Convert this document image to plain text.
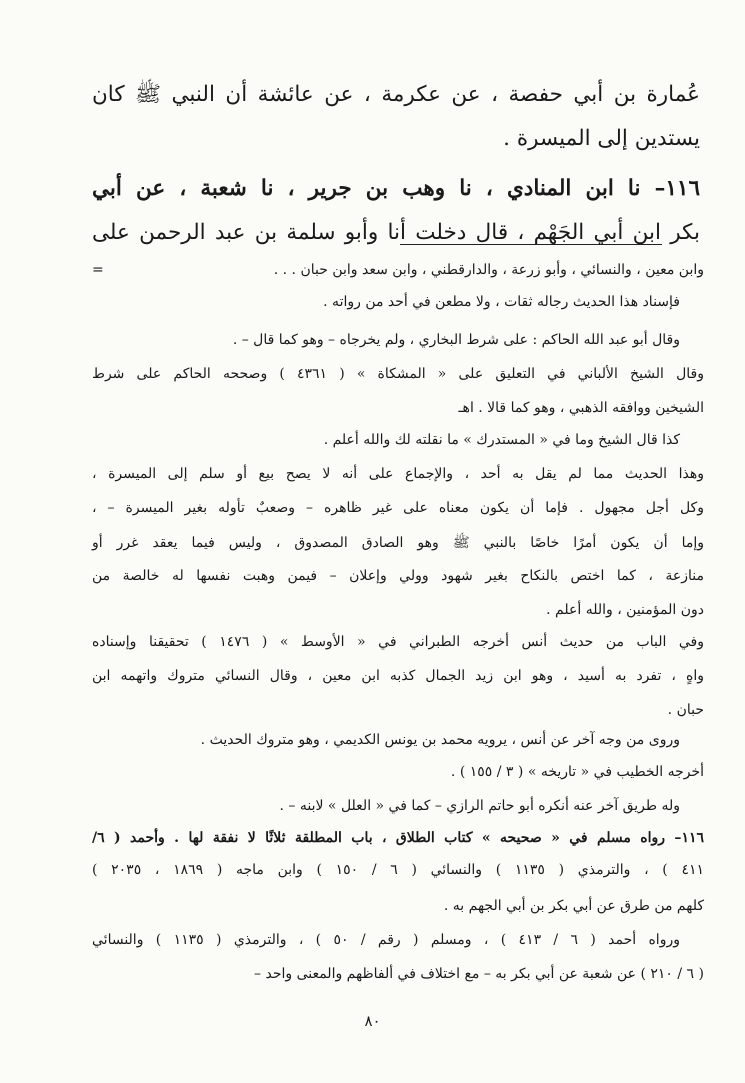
عُمارة بن أبي حفصة ، عن عكرمة ، عن عائشة أن النبي ﷺ كان
يستدين إلى الميسرة .
١١٦– نا ابن المنادي ، نا وهب بن جرير ، نا شعبة ، عن أبي
بكر ابن أبي الجَهْم ، قال دخلت أنا وأبو سلمة بن عبد الرحمن على
=	وابن معين ، والنسائي ، وأبو زرعة ، والدارقطني ، وابن سعد وابن حبان . . .
فإسناد هذا الحديث رجاله ثقات ، ولا مطعن في أحد من رواته .
وقال أبو عبد الله الحاكم : على شرط البخاري ، ولم يخرجاه – وهو كما قال – .
وقال الشيخ الألباني في التعليق على « المشكاة » ( ٤٣٦١ ) وصححه الحاكم على شرط
الشيخين ووافقه الذهبي ، وهو كما قالا . اهـ
كذا قال الشيخ وما في « المستدرك » ما نقلته لك والله أعلم .
وهذا الحديث مما لم يقل به أحد ، والإجماع على أنه لا يصح بيع أو سلم إلى الميسرة ،
وكل أجل مجهول . فإما أن يكون معناه على غير ظاهره – وصعبٌ تأوله بغير الميسرة – ،
وإما أن يكون أمرًا خاصًا بالنبي ﷺ وهو الصادق المصدوق ، وليس فيما يعقد غرر أو
منازعة ، كما اختص بالنكاح بغير شهود وولي وإعلان – فيمن وهبت نفسها له خالصة من
دون المؤمنين ، والله أعلم .
وفي الباب من حديث أنس أخرجه الطبراني في « الأوسط » ( ١٤٧٦ ) تحقيقنا وإسناده
واهٍ ، تفرد به أسيد ، وهو ابن زيد الجمال كذبه ابن معين ، وقال النسائي متروك واتهمه ابن
حبان .
وروى من وجه آخر عن أنس ، يرويه محمد بن يونس الكديمي ، وهو متروك الحديث .
أخرجه الخطيب في « تاريخه » ( ٣ / ١٥٥ ) .
وله طريق آخر عنه أنكره أبو حاتم الرازي – كما في « العلل » لابنه – .
١١٦– رواه مسلم في « صحيحه » كتاب الطلاق ، باب المطلقة ثلاثًا لا نفقة لها . وأحمد ( ٦/
٤١١ ) ، والترمذي ( ١١٣٥ ) والنسائي ( ٦ / ١٥٠ ) وابن ماجه ( ١٨٦٩ ، ٢٠٣٥ )
كلهم من طرق عن أبي بكر بن أبي الجهم به .
ورواه أحمد ( ٦ / ٤١٣ ) ، ومسلم ( رقم / ٥٠ ) ، والترمذي ( ١١٣٥ ) والنسائي
( ٦ / ٢١٠ ) عن شعبة عن أبي بكر به – مع اختلاف في ألفاظهم والمعنى واحد –
٨٠
